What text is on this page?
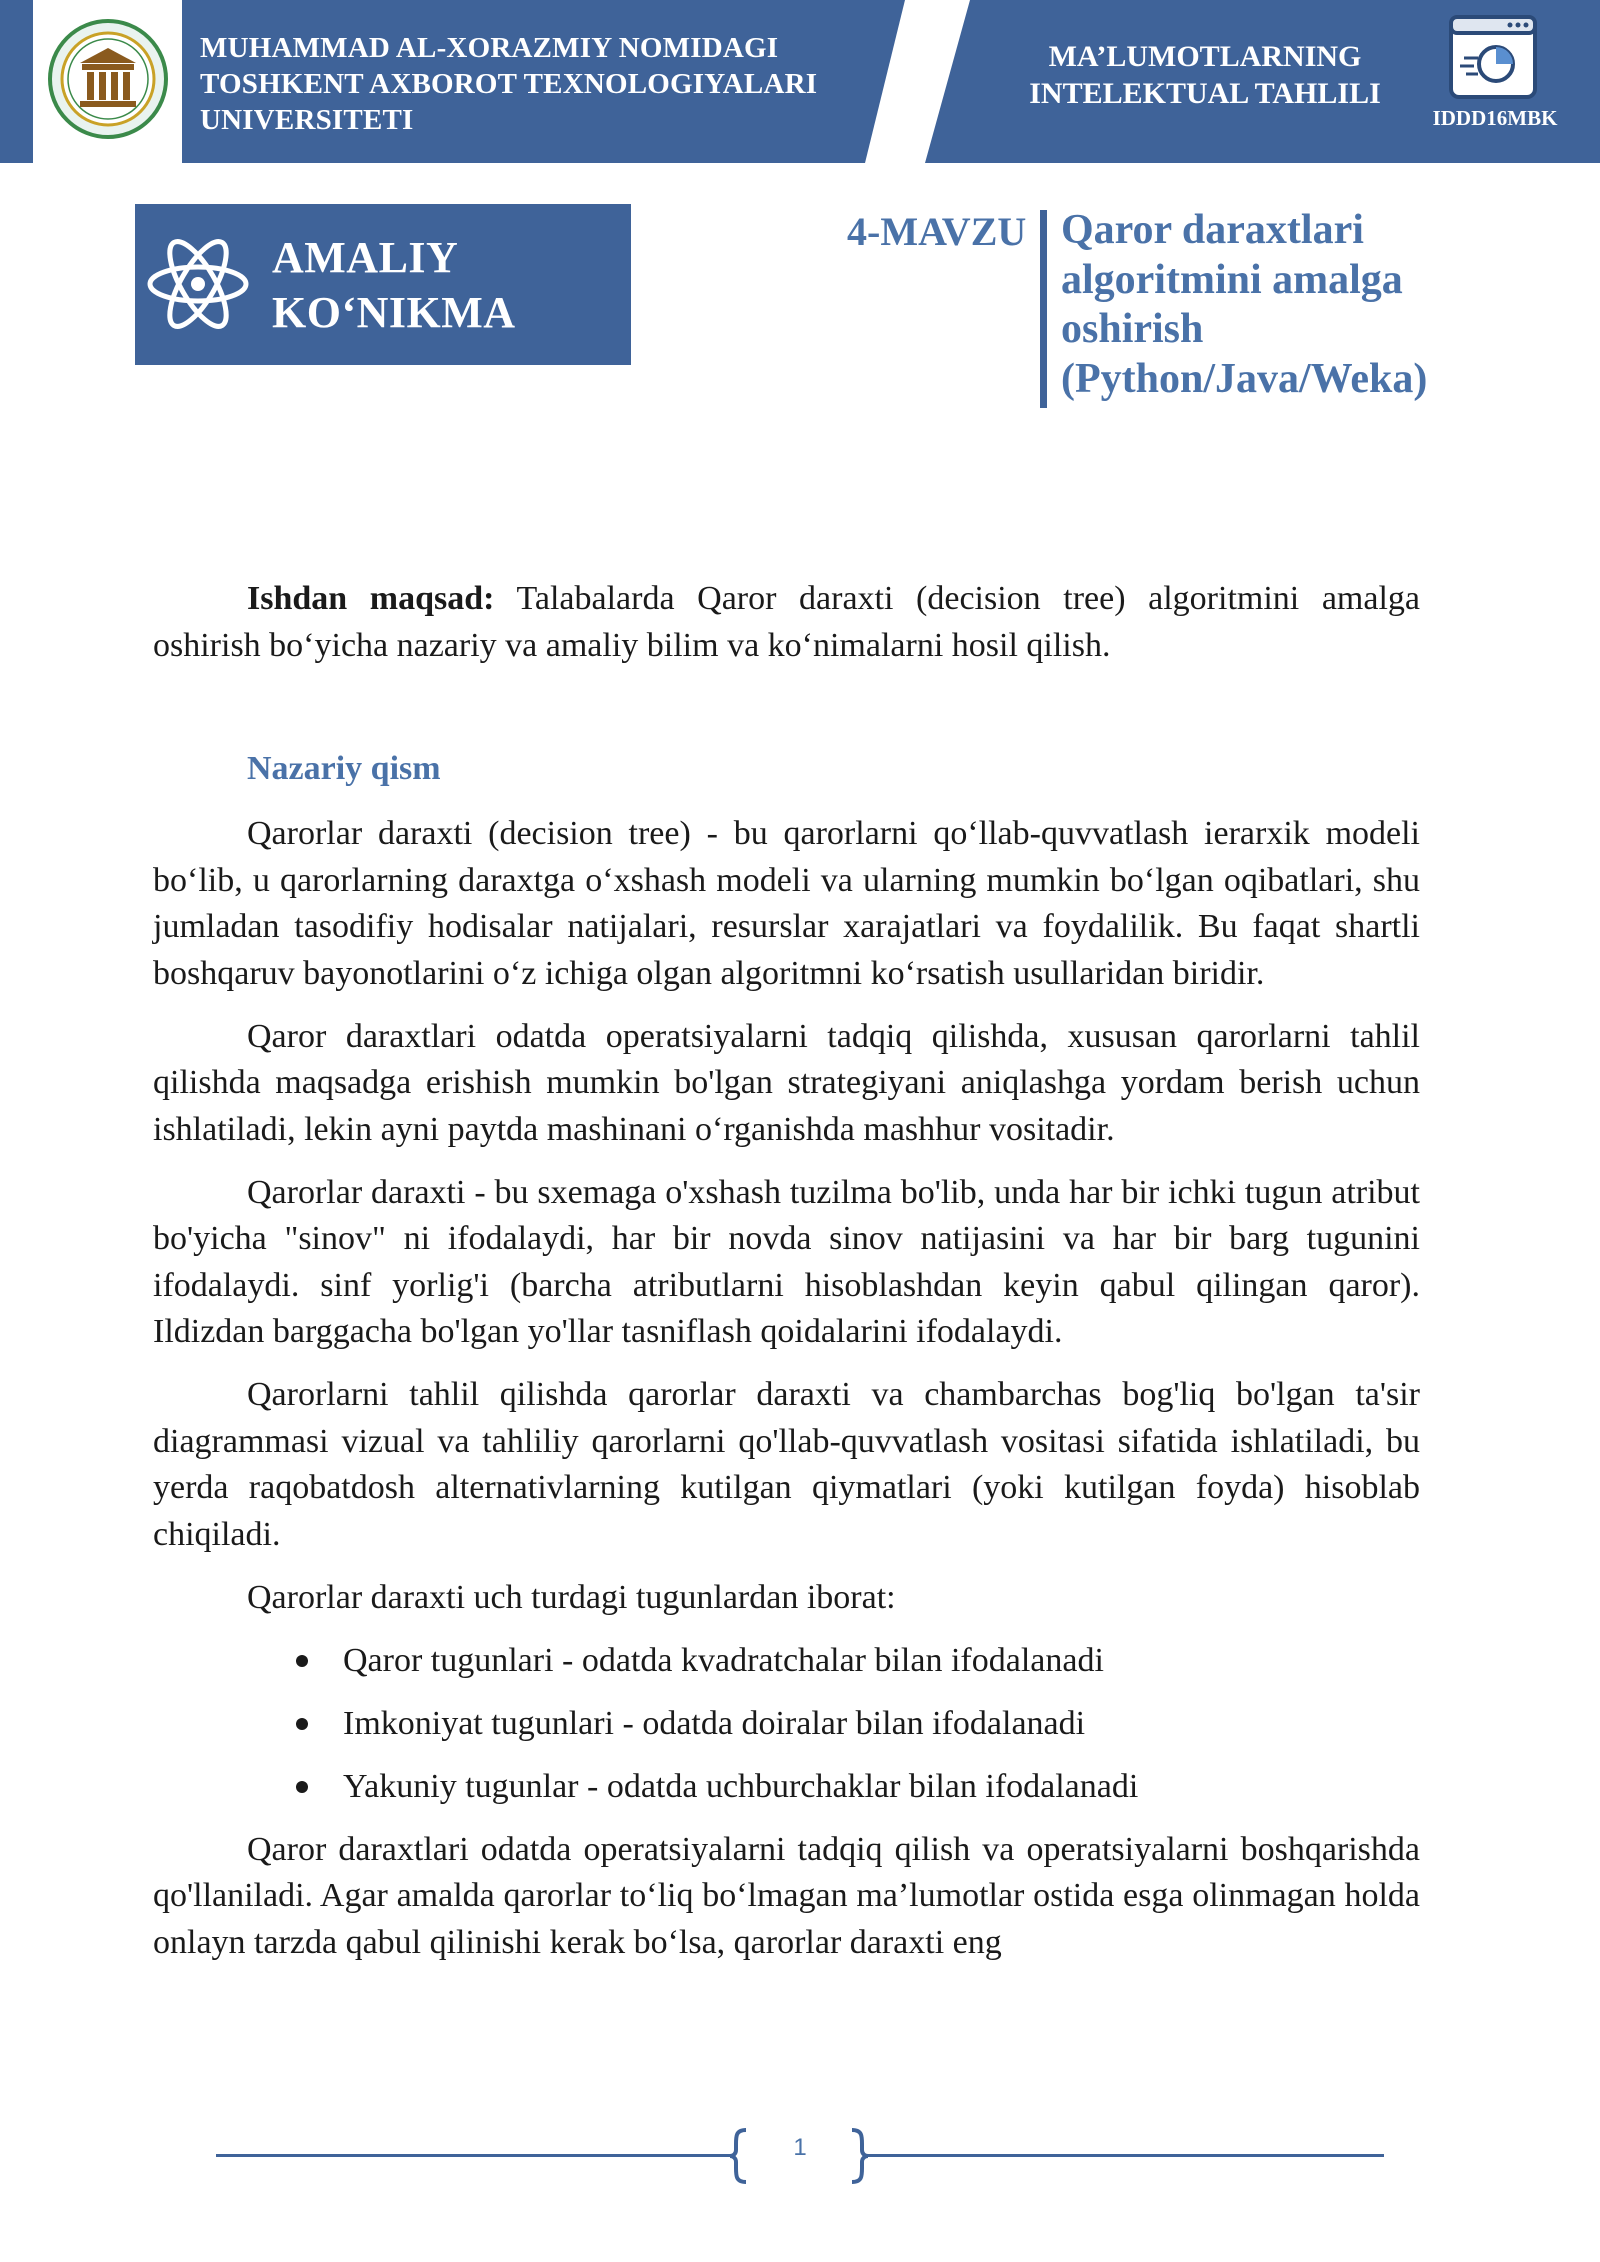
MUHAMMAD AL-XORAZMIY NOMIDAGI
TOSHKENT AXBOROT TEXNOLOGIYALARI
UNIVERSITETI
MA’LUMOTLARNING
INTELEKTUAL TAHLILI
IDDD16MBK
AMALIY
KO‘NIKMA
4-MAVZU Qaror daraxtlari
algoritmini amalga
oshirish
(Python/Java/Weka)

Ishdan maqsad: Talabalarda Qaror daraxti (decision tree) algoritmini amalga oshirish bo‘yicha nazariy va amaliy bilim va ko‘nimalarni hosil qilish.

Nazariy qism

Qarorlar daraxti (decision tree) - bu qarorlarni qo‘llab-quvvatlash ierarxik modeli bo‘lib, u qarorlarning daraxtga o‘xshash modeli va ularning mumkin bo‘lgan oqibatlari, shu jumladan tasodifiy hodisalar natijalari, resurslar xarajatlari va foydalilik. Bu faqat shartli boshqaruv bayonotlarini o‘z ichiga olgan algoritmni ko‘rsatish usullaridan biridir.

Qaror daraxtlari odatda operatsiyalarni tadqiq qilishda, xususan qarorlarni tahlil qilishda maqsadga erishish mumkin bo'lgan strategiyani aniqlashga yordam berish uchun ishlatiladi, lekin ayni paytda mashinani o‘rganishda mashhur vositadir.

Qarorlar daraxti - bu sxemaga o'xshash tuzilma bo'lib, unda har bir ichki tugun atribut bo'yicha "sinov" ni ifodalaydi, har bir novda sinov natijasini va har bir barg tugunini ifodalaydi. sinf yorlig'i (barcha atributlarni hisoblashdan keyin qabul qilingan qaror). Ildizdan barggacha bo'lgan yo'llar tasniflash qoidalarini ifodalaydi.

Qarorlarni tahlil qilishda qarorlar daraxti va chambarchas bog'liq bo'lgan ta'sir diagrammasi vizual va tahliliy qarorlarni qo'llab-quvvatlash vositasi sifatida ishlatiladi, bu yerda raqobatdosh alternativlarning kutilgan qiymatlari (yoki kutilgan foyda) hisoblab chiqiladi.

Qarorlar daraxti uch turdagi tugunlardan iborat:

Qaror tugunlari - odatda kvadratchalar bilan ifodalanadi
Imkoniyat tugunlari - odatda doiralar bilan ifodalanadi
Yakuniy tugunlar - odatda uchburchaklar bilan ifodalanadi

Qaror daraxtlari odatda operatsiyalarni tadqiq qilish va operatsiyalarni boshqarishda qo'llaniladi. Agar amalda qarorlar to‘liq bo‘lmagan ma’lumotlar ostida esga olinmagan holda onlayn tarzda qabul qilinishi kerak bo‘lsa, qarorlar daraxti eng

1
